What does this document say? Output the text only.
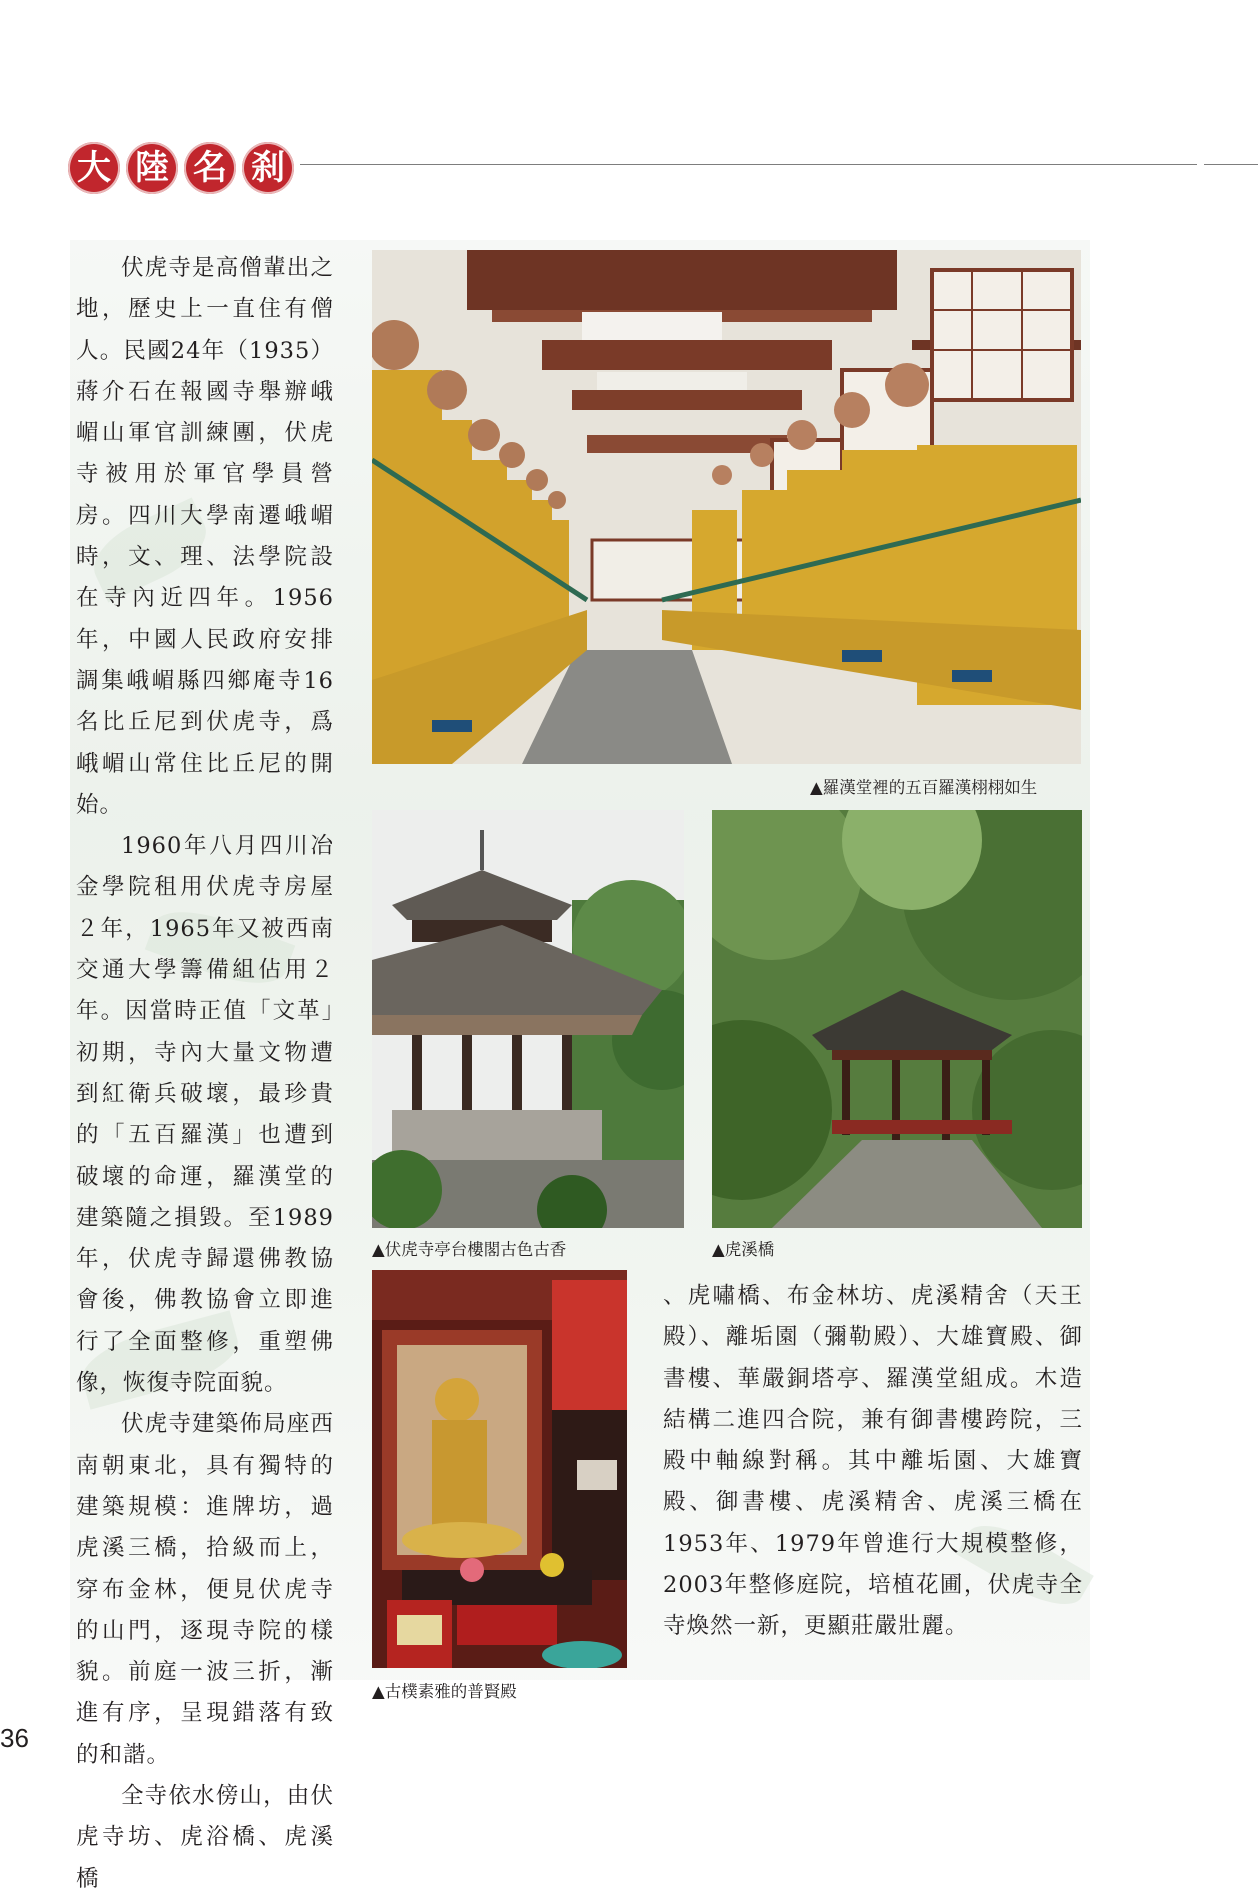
大 陸 名 刹

伏虎寺是高僧輩出之地，歷史上一直住有僧人。民國24年（1935）蔣介石在報國寺舉辦峨嵋山軍官訓練團，伏虎寺被用於軍官學員營房。四川大學南遷峨嵋時，文、理、法學院設在寺內近四年。1956年，中國人民政府安排調集峨嵋縣四鄉庵寺16名比丘尼到伏虎寺，爲峨嵋山常住比丘尼的開始。

1960年八月四川冶金學院租用伏虎寺房屋２年，1965年又被西南交通大學籌備組佔用２年。因當時正值「文革」初期，寺內大量文物遭到紅衛兵破壞，最珍貴的「五百羅漢」也遭到破壞的命運，羅漢堂的建築隨之損毀。至1989年，伏虎寺歸還佛教協會後，佛教協會立即進行了全面整修，重塑佛像，恢復寺院面貌。

伏虎寺建築佈局座西南朝東北，具有獨特的建築規模：進牌坊，過虎溪三橋，拾級而上，穿布金林，便見伏虎寺的山門，逐現寺院的樣貌。前庭一波三折，漸進有序，呈現錯落有致的和諧。

全寺依水傍山，由伏虎寺坊、虎浴橋、虎溪橋

▲羅漢堂裡的五百羅漢栩栩如生
▲伏虎寺亭台樓閣古色古香	▲虎溪橋
▲古樸素雅的普賢殿
、虎嘯橋、布金林坊、虎溪精舍（天王殿）、離垢園（彌勒殿）、大雄寶殿、御書樓、華嚴銅塔亭、羅漢堂組成。木造結構二進四合院，兼有御書樓跨院，三殿中軸線對稱。其中離垢園、大雄寶殿、御書樓、虎溪精舍、虎溪三橋在1953年、1979年曾進行大規模整修，2003年整修庭院，培植花圃，伏虎寺全寺煥然一新，更顯莊嚴壯麗。
36
